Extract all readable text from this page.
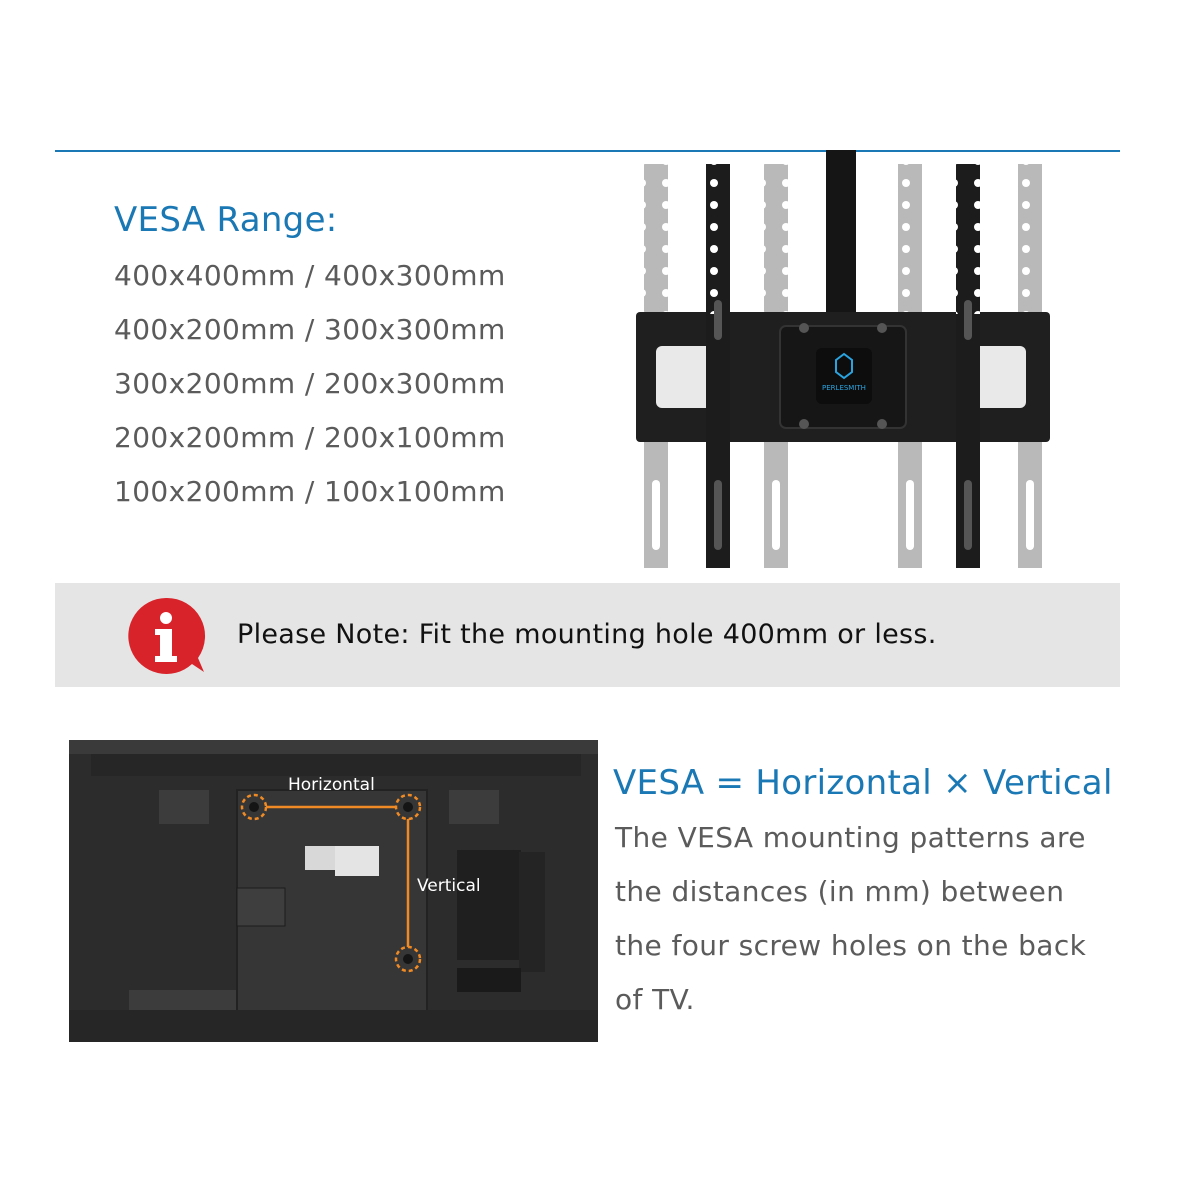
VESA Range:
400x400mm / 400x300mm
400x200mm / 300x300mm
300x200mm / 200x300mm
200x200mm / 200x100mm
100x200mm / 100x100mm
PERLESMITH
Please Note: Fit the mounting hole 400mm or less.
Horizontal
Vertical
VESA = Horizontal × Vertical
The VESA mounting patterns are
the distances (in mm) between
the four screw holes on the back
of TV.
